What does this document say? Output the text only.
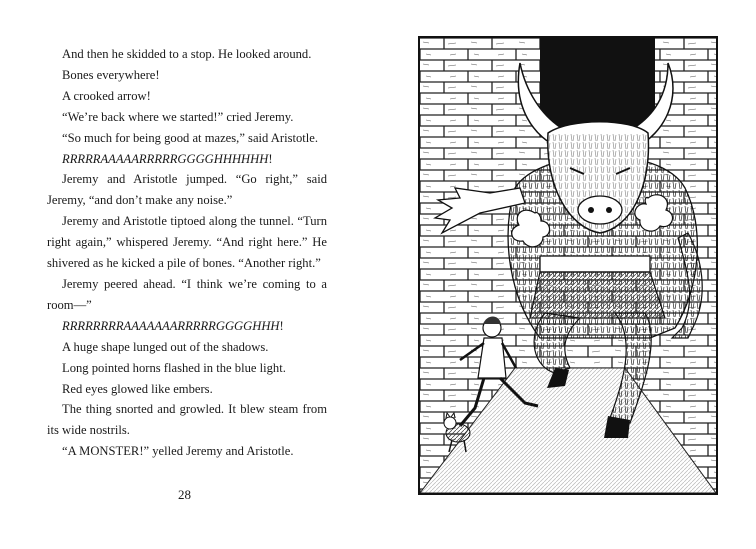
And then he skidded to a stop. He looked around.

Bones everywhere!

A crooked arrow!

“We’re back where we started!” cried Jeremy.

“So much for being good at mazes,” said Aristotle.

RRRRRAAAAARRRRRGGGGHHHHHH!

Jeremy and Aristotle jumped. “Go right,” said Jeremy, “and don’t make any noise.”

Jeremy and Aristotle tiptoed along the tunnel. “Turn right again,” whispered Jeremy. “And right here.” He shivered as he kicked a pile of bones. “Another right.”

Jeremy peered ahead. “I think we’re coming to a room—”

RRRRRRRRAAAAAAARRRRRGGGGHHH!

A huge shape lunged out of the shadows.

Long pointed horns flashed in the blue light.

Red eyes glowed like embers.

The thing snorted and growled. It blew steam from its wide nostrils.

“A MONSTER!” yelled Jeremy and Aristotle.

28
